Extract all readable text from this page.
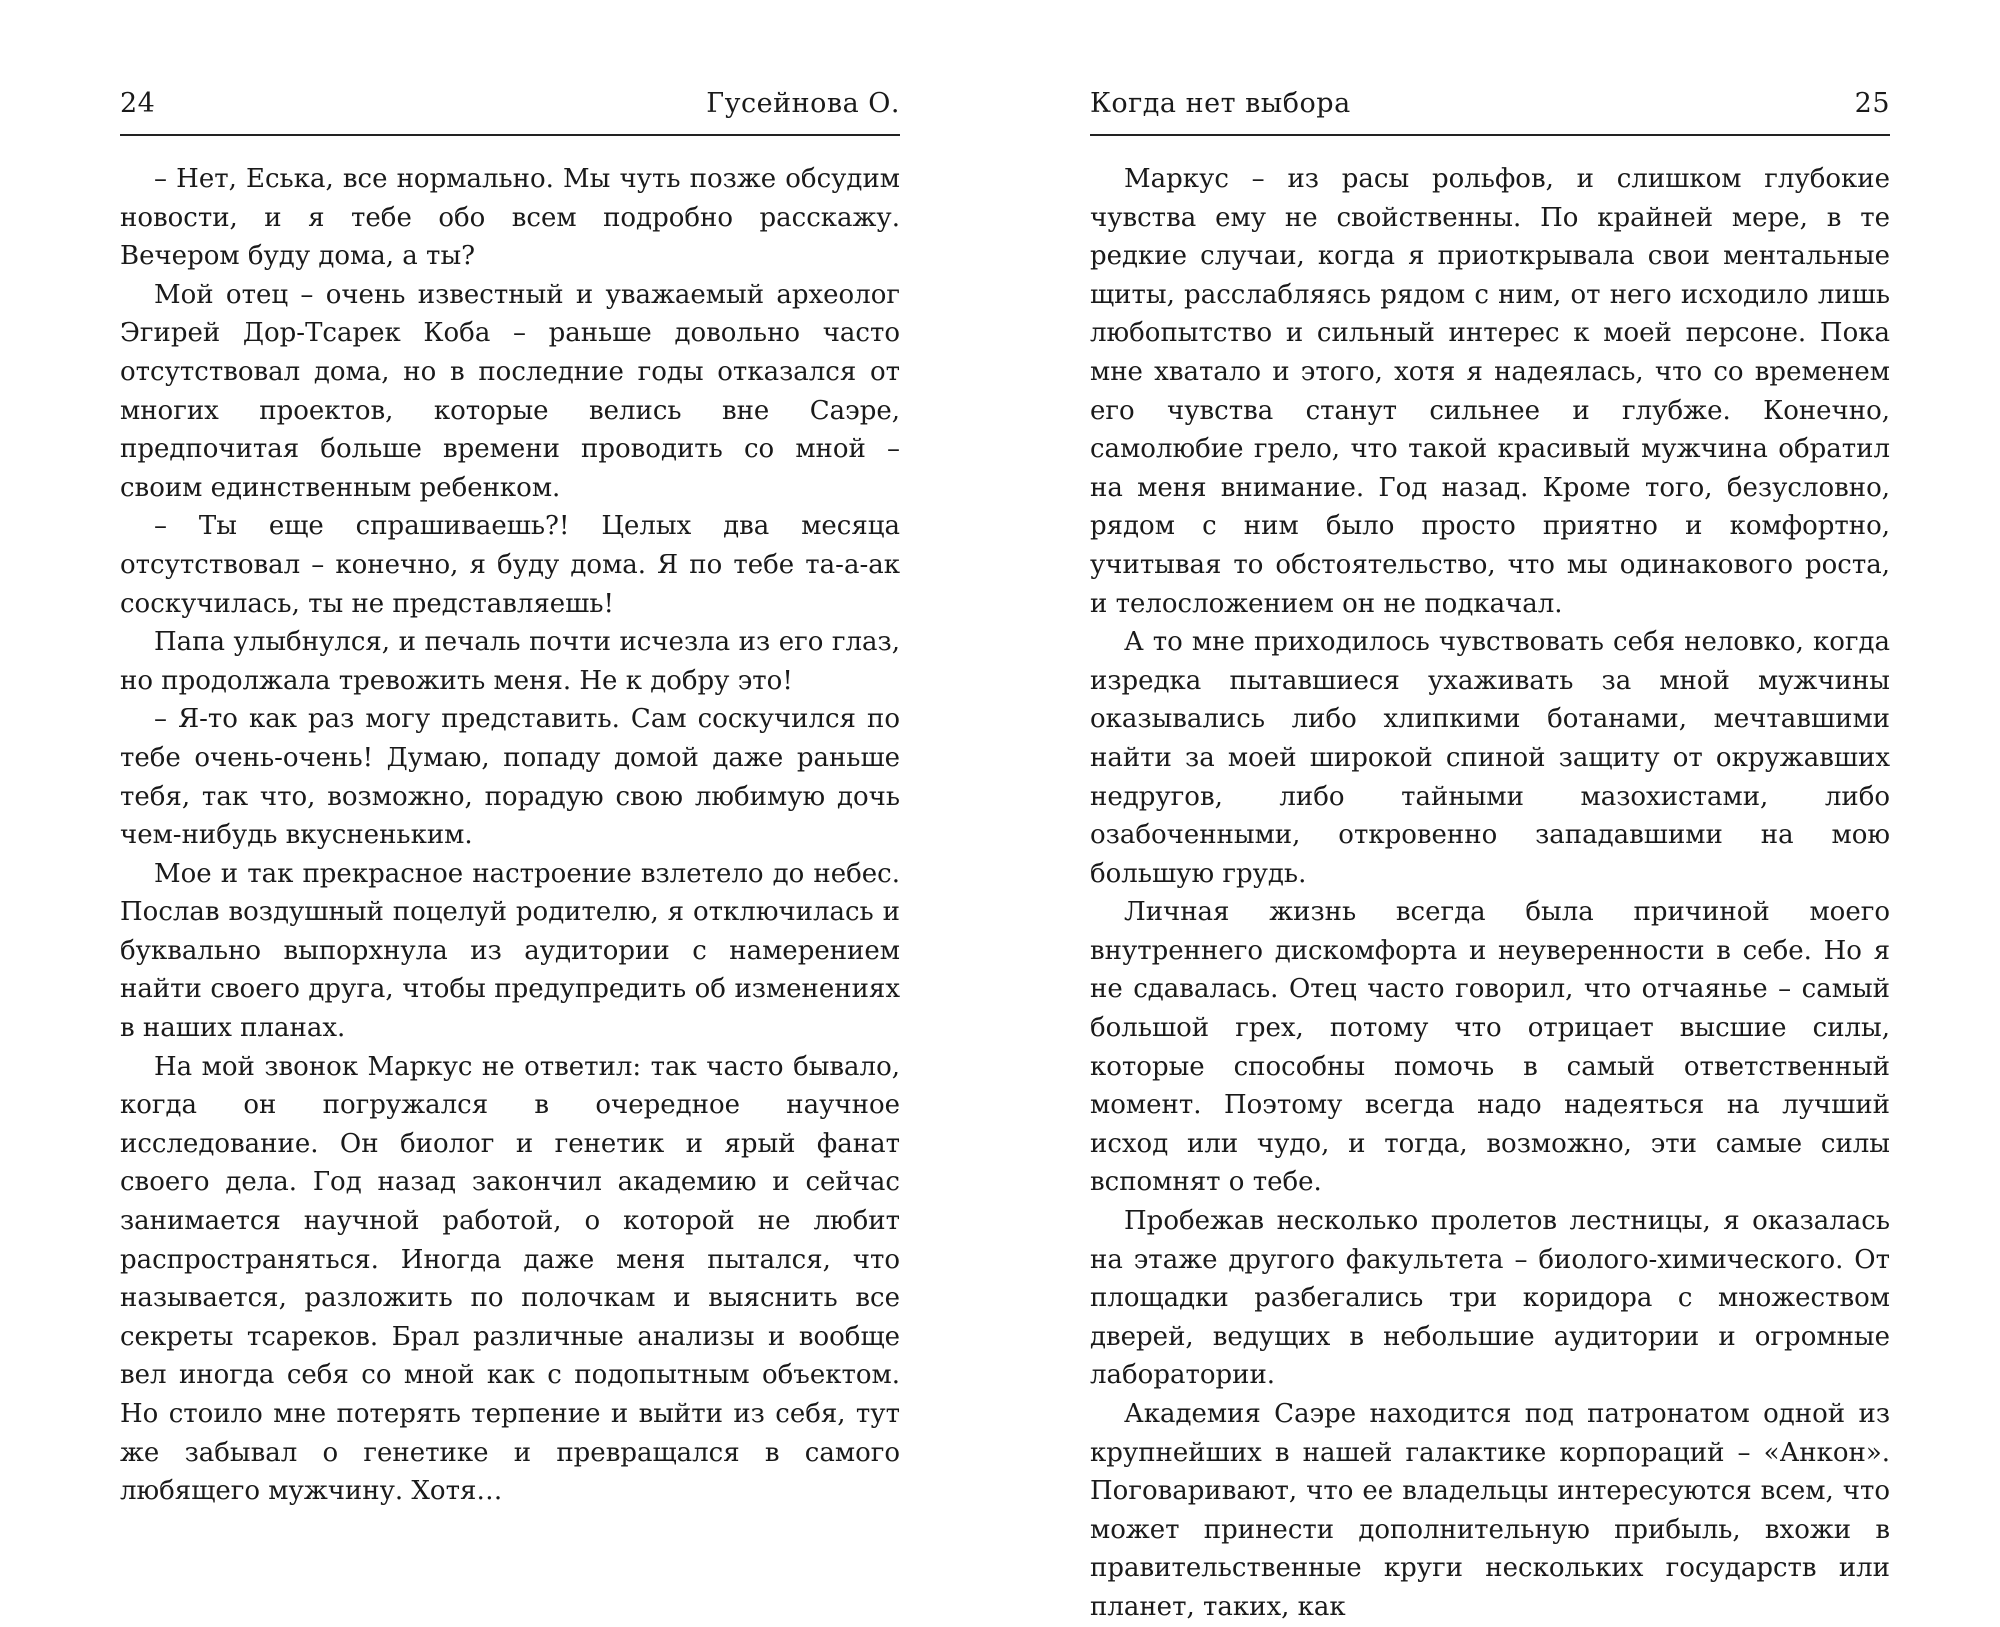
24	Гусейнова О.

– Нет, Еська, все нормально. Мы чуть позже обсудим новости, и я тебе обо всем подробно расскажу. Вечером буду дома, а ты?

Мой отец – очень известный и уважаемый археолог Эгирей Дор-Тсарек Коба – раньше довольно часто отсутствовал дома, но в последние годы отказался от многих проектов, которые велись вне Саэре, предпочитая больше времени проводить со мной – своим единственным ребенком.

– Ты еще спрашиваешь?! Целых два месяца отсутствовал – конечно, я буду дома. Я по тебе та-а-ак соскучилась, ты не представляешь!

Папа улыбнулся, и печаль почти исчезла из его глаз, но продолжала тревожить меня. Не к добру это!

– Я-то как раз могу представить. Сам соскучился по тебе очень-очень! Думаю, попаду домой даже раньше тебя, так что, возможно, порадую свою любимую дочь чем-нибудь вкусненьким.

Мое и так прекрасное настроение взлетело до небес. Послав воздушный поцелуй родителю, я отключилась и буквально выпорхнула из аудитории с намерением найти своего друга, чтобы предупредить об изменениях в наших планах.

На мой звонок Маркус не ответил: так часто бывало, когда он погружался в очередное научное исследование. Он биолог и генетик и ярый фанат своего дела. Год назад закончил академию и сейчас занимается научной работой, о которой не любит распространяться. Иногда даже меня пытался, что называется, разложить по полочкам и выяснить все секреты тсареков. Брал различные анализы и вообще вел иногда себя со мной как с подопытным объектом. Но стоило мне потерять терпение и выйти из себя, тут же забывал о генетике и превращался в самого любящего мужчину. Хотя…

Когда нет выбора	25

Маркус – из расы рольфов, и слишком глубокие чувства ему не свойственны. По крайней мере, в те редкие случаи, когда я приоткрывала свои ментальные щиты, расслабляясь рядом с ним, от него исходило лишь любопытство и сильный интерес к моей персоне. Пока мне хватало и этого, хотя я надеялась, что со временем его чувства станут сильнее и глубже. Конечно, самолюбие грело, что такой красивый мужчина обратил на меня внимание. Год назад. Кроме того, безусловно, рядом с ним было просто приятно и комфортно, учитывая то обстоятельство, что мы одинакового роста, и телосложением он не подкачал.

А то мне приходилось чувствовать себя неловко, когда изредка пытавшиеся ухаживать за мной мужчины оказывались либо хлипкими ботанами, мечтавшими найти за моей широкой спиной защиту от окружавших недругов, либо тайными мазохистами, либо озабоченными, откровенно западавшими на мою большую грудь.

Личная жизнь всегда была причиной моего внутреннего дискомфорта и неуверенности в себе. Но я не сдавалась. Отец часто говорил, что отчаянье – самый большой грех, потому что отрицает высшие силы, которые способны помочь в самый ответственный момент. Поэтому всегда надо надеяться на лучший исход или чудо, и тогда, возможно, эти самые силы вспомнят о тебе.

Пробежав несколько пролетов лестницы, я оказалась на этаже другого факультета – биолого-химического. От площадки разбегались три коридора с множеством дверей, ведущих в небольшие аудитории и огромные лаборатории.

Академия Саэре находится под патронатом одной из крупнейших в нашей галактике корпораций – «Анкон». Поговаривают, что ее владельцы интересуются всем, что может принести дополнительную прибыль, вхожи в правительственные круги нескольких государств или планет, таких, как
